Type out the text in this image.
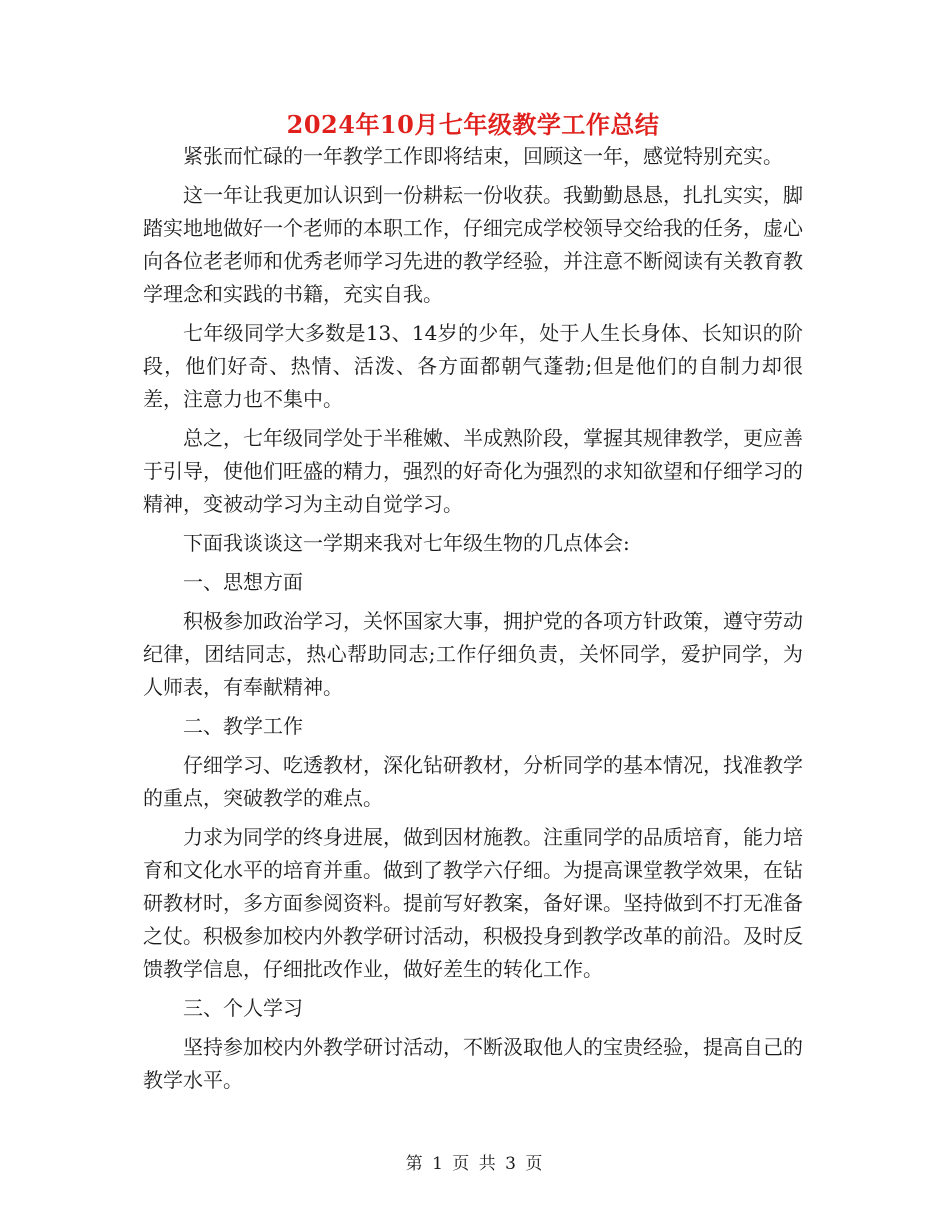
2024年10月七年级教学工作总结

紧张而忙碌的一年教学工作即将结束，回顾这一年，感觉特别充实。

这一年让我更加认识到一份耕耘一份收获。我勤勤恳恳，扎扎实实，脚踏实地地做好一个老师的本职工作，仔细完成学校领导交给我的任务，虚心向各位老老师和优秀老师学习先进的教学经验，并注意不断阅读有关教育教学理念和实践的书籍，充实自我。

七年级同学大多数是13、14岁的少年，处于人生长身体、长知识的阶段，他们好奇、热情、活泼、各方面都朝气蓬勃;但是他们的自制力却很差，注意力也不集中。

总之，七年级同学处于半稚嫩、半成熟阶段，掌握其规律教学，更应善于引导，使他们旺盛的精力，强烈的好奇化为强烈的求知欲望和仔细学习的精神，变被动学习为主动自觉学习。

下面我谈谈这一学期来我对七年级生物的几点体会:

一、思想方面

积极参加政治学习，关怀国家大事，拥护党的各项方针政策，遵守劳动纪律，团结同志，热心帮助同志;工作仔细负责，关怀同学，爱护同学，为人师表，有奉献精神。

二、教学工作

仔细学习、吃透教材，深化钻研教材，分析同学的基本情况，找准教学的重点，突破教学的难点。

力求为同学的终身进展，做到因材施教。注重同学的品质培育，能力培育和文化水平的培育并重。做到了教学六仔细。为提高课堂教学效果，在钻研教材时，多方面参阅资料。提前写好教案，备好课。坚持做到不打无准备之仗。积极参加校内外教学研讨活动，积极投身到教学改革的前沿。及时反馈教学信息，仔细批改作业，做好差生的转化工作。

三、个人学习

坚持参加校内外教学研讨活动，不断汲取他人的宝贵经验，提高自己的教学水平。

第 1 页 共 3 页
